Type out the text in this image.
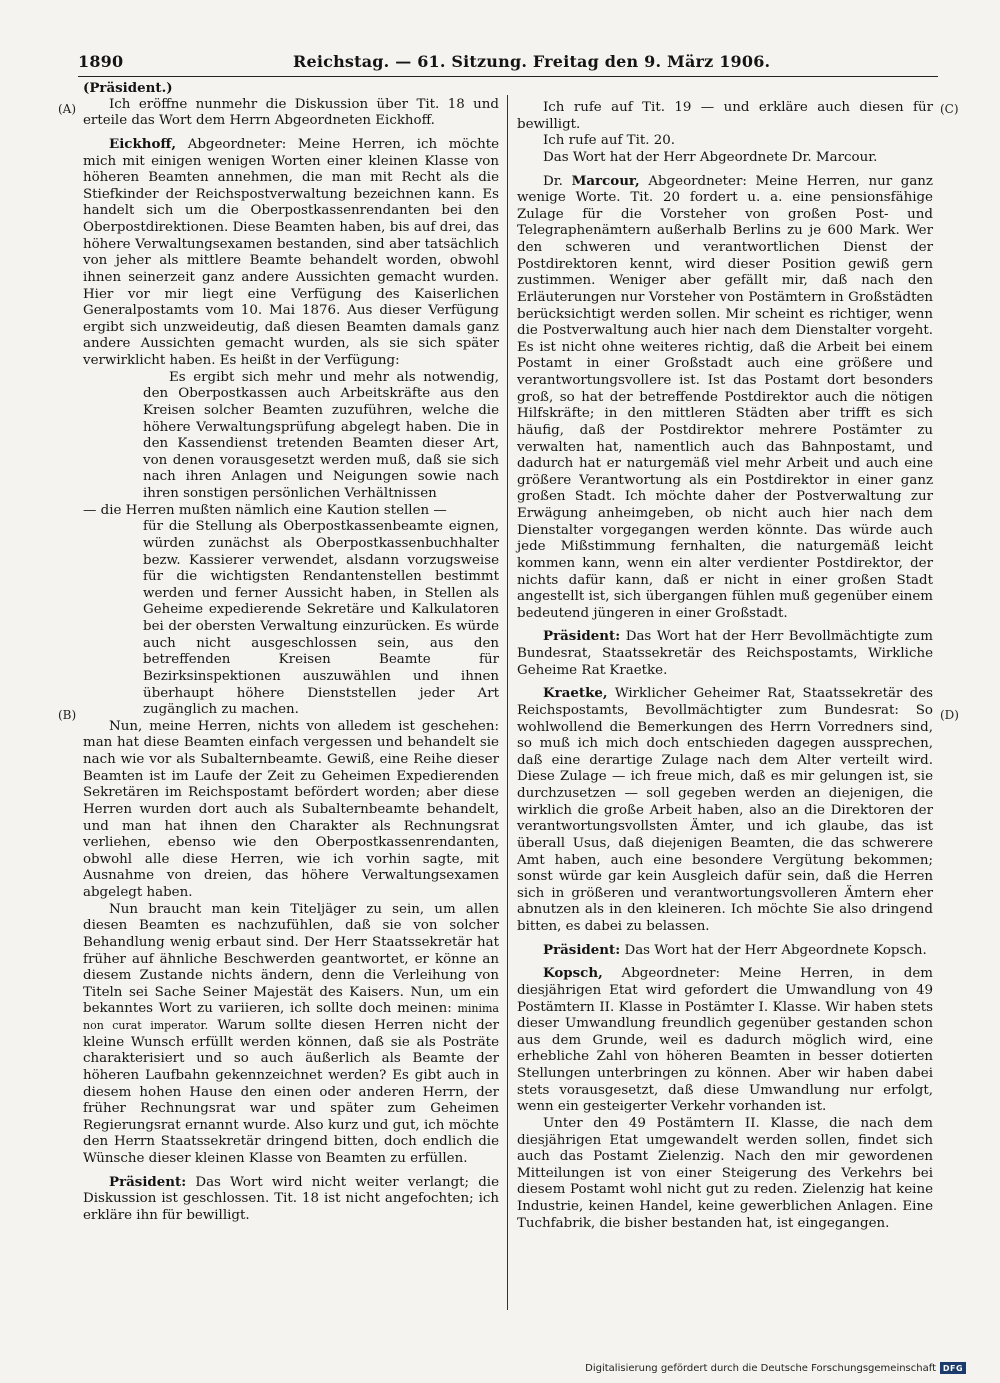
1890	Reichstag. — 61. Sitzung. Freitag den 9. März 1906.
(A)
(B)
(C)
(D)

(Präsident.)

Ich eröffne nunmehr die Diskussion über Tit. 18 und erteile das Wort dem Herrn Abgeordneten Eickhoff.

Eickhoff, Abgeordneter: Meine Herren, ich möchte mich mit einigen wenigen Worten einer kleinen Klasse von höheren Beamten annehmen, die man mit Recht als die Stiefkinder der Reichspostverwaltung bezeichnen kann. Es handelt sich um die Oberpostkassenrendanten bei den Oberpostdirektionen. Diese Beamten haben, bis auf drei, das höhere Verwaltungsexamen bestanden, sind aber tatsächlich von jeher als mittlere Beamte behandelt worden, obwohl ihnen seinerzeit ganz andere Aussichten gemacht wurden. Hier vor mir liegt eine Verfügung des Kaiserlichen Generalpostamts vom 10. Mai 1876. Aus dieser Verfügung ergibt sich unzweideutig, daß diesen Beamten damals ganz andere Aussichten gemacht wurden, als sie sich später verwirklicht haben. Es heißt in der Verfügung:

Es ergibt sich mehr und mehr als notwendig, den Oberpostkassen auch Arbeitskräfte aus den Kreisen solcher Beamten zuzuführen, welche die höhere Verwaltungsprüfung abgelegt haben. Die in den Kassendienst tretenden Beamten dieser Art, von denen vorausgesetzt werden muß, daß sie sich nach ihren Anlagen und Neigungen sowie nach ihren sonstigen persönlichen Verhältnissen

— die Herren mußten nämlich eine Kaution stellen —

für die Stellung als Oberpostkassenbeamte eignen, würden zunächst als Oberpostkassenbuchhalter bezw. Kassierer verwendet, alsdann vorzugsweise für die wichtigsten Rendantenstellen bestimmt werden und ferner Aussicht haben, in Stellen als Geheime expedierende Sekretäre und Kalkulatoren bei der obersten Verwaltung einzurücken. Es würde auch nicht ausgeschlossen sein, aus den betreffenden Kreisen Beamte für Bezirksinspektionen auszuwählen und ihnen überhaupt höhere Dienststellen jeder Art zugänglich zu machen.

Nun, meine Herren, nichts von alledem ist geschehen: man hat diese Beamten einfach vergessen und behandelt sie nach wie vor als Subalternbeamte. Gewiß, eine Reihe dieser Beamten ist im Laufe der Zeit zu Geheimen Expedierenden Sekretären im Reichspostamt befördert worden; aber diese Herren wurden dort auch als Subalternbeamte behandelt, und man hat ihnen den Charakter als Rechnungsrat verliehen, ebenso wie den Oberpostkassenrendanten, obwohl alle diese Herren, wie ich vorhin sagte, mit Ausnahme von dreien, das höhere Verwaltungsexamen abgelegt haben.

Nun braucht man kein Titeljäger zu sein, um allen diesen Beamten es nachzufühlen, daß sie von solcher Behandlung wenig erbaut sind. Der Herr Staatssekretär hat früher auf ähnliche Beschwerden geantwortet, er könne an diesem Zustande nichts ändern, denn die Verleihung von Titeln sei Sache Seiner Majestät des Kaisers. Nun, um ein bekanntes Wort zu variieren, ich sollte doch meinen: minima non curat imperator. Warum sollte diesen Herren nicht der kleine Wunsch erfüllt werden können, daß sie als Posträte charakterisiert und so auch äußerlich als Beamte der höheren Laufbahn gekennzeichnet werden? Es gibt auch in diesem hohen Hause den einen oder anderen Herrn, der früher Rechnungsrat war und später zum Geheimen Regierungsrat ernannt wurde. Also kurz und gut, ich möchte den Herrn Staatssekretär dringend bitten, doch endlich die Wünsche dieser kleinen Klasse von Beamten zu erfüllen.

Präsident: Das Wort wird nicht weiter verlangt; die Diskussion ist geschlossen. Tit. 18 ist nicht angefochten; ich erkläre ihn für bewilligt.

Ich rufe auf Tit. 19 — und erkläre auch diesen für bewilligt.

Ich rufe auf Tit. 20.

Das Wort hat der Herr Abgeordnete Dr. Marcour.

Dr. Marcour, Abgeordneter: Meine Herren, nur ganz wenige Worte. Tit. 20 fordert u. a. eine pensionsfähige Zulage für die Vorsteher von großen Post- und Telegraphenämtern außerhalb Berlins zu je 600 Mark. Wer den schweren und verantwortlichen Dienst der Postdirektoren kennt, wird dieser Position gewiß gern zustimmen. Weniger aber gefällt mir, daß nach den Erläuterungen nur Vorsteher von Postämtern in Großstädten berücksichtigt werden sollen. Mir scheint es richtiger, wenn die Postverwaltung auch hier nach dem Dienstalter vorgeht. Es ist nicht ohne weiteres richtig, daß die Arbeit bei einem Postamt in einer Großstadt auch eine größere und verantwortungsvollere ist. Ist das Postamt dort besonders groß, so hat der betreffende Postdirektor auch die nötigen Hilfskräfte; in den mittleren Städten aber trifft es sich häufig, daß der Postdirektor mehrere Postämter zu verwalten hat, namentlich auch das Bahnpostamt, und dadurch hat er naturgemäß viel mehr Arbeit und auch eine größere Verantwortung als ein Postdirektor in einer ganz großen Stadt. Ich möchte daher der Postverwaltung zur Erwägung anheimgeben, ob nicht auch hier nach dem Dienstalter vorgegangen werden könnte. Das würde auch jede Mißstimmung fernhalten, die naturgemäß leicht kommen kann, wenn ein alter verdienter Postdirektor, der nichts dafür kann, daß er nicht in einer großen Stadt angestellt ist, sich übergangen fühlen muß gegenüber einem bedeutend jüngeren in einer Großstadt.

Präsident: Das Wort hat der Herr Bevollmächtigte zum Bundesrat, Staatssekretär des Reichspostamts, Wirkliche Geheime Rat Kraetke.

Kraetke, Wirklicher Geheimer Rat, Staatssekretär des Reichspostamts, Bevollmächtigter zum Bundesrat: So wohlwollend die Bemerkungen des Herrn Vorredners sind, so muß ich mich doch entschieden dagegen aussprechen, daß eine derartige Zulage nach dem Alter verteilt wird. Diese Zulage — ich freue mich, daß es mir gelungen ist, sie durchzusetzen — soll gegeben werden an diejenigen, die wirklich die große Arbeit haben, also an die Direktoren der verantwortungsvollsten Ämter, und ich glaube, das ist überall Usus, daß diejenigen Beamten, die das schwerere Amt haben, auch eine besondere Vergütung bekommen; sonst würde gar kein Ausgleich dafür sein, daß die Herren sich in größeren und verantwortungsvolleren Ämtern eher abnutzen als in den kleineren. Ich möchte Sie also dringend bitten, es dabei zu belassen.

Präsident: Das Wort hat der Herr Abgeordnete Kopsch.

Kopsch, Abgeordneter: Meine Herren, in dem diesjährigen Etat wird gefordert die Umwandlung von 49 Postämtern II. Klasse in Postämter I. Klasse. Wir haben stets dieser Umwandlung freundlich gegenüber gestanden schon aus dem Grunde, weil es dadurch möglich wird, eine erhebliche Zahl von höheren Beamten in besser dotierten Stellungen unterbringen zu können. Aber wir haben dabei stets vorausgesetzt, daß diese Umwandlung nur erfolgt, wenn ein gesteigerter Verkehr vorhanden ist.

Unter den 49 Postämtern II. Klasse, die nach dem diesjährigen Etat umgewandelt werden sollen, findet sich auch das Postamt Zielenzig. Nach den mir gewordenen Mitteilungen ist von einer Steigerung des Verkehrs bei diesem Postamt wohl nicht gut zu reden. Zielenzig hat keine Industrie, keinen Handel, keine gewerblichen Anlagen. Eine Tuchfabrik, die bisher bestanden hat, ist eingegangen.

Digitalisierung gefördert durch die Deutsche Forschungsgemeinschaft DFG
